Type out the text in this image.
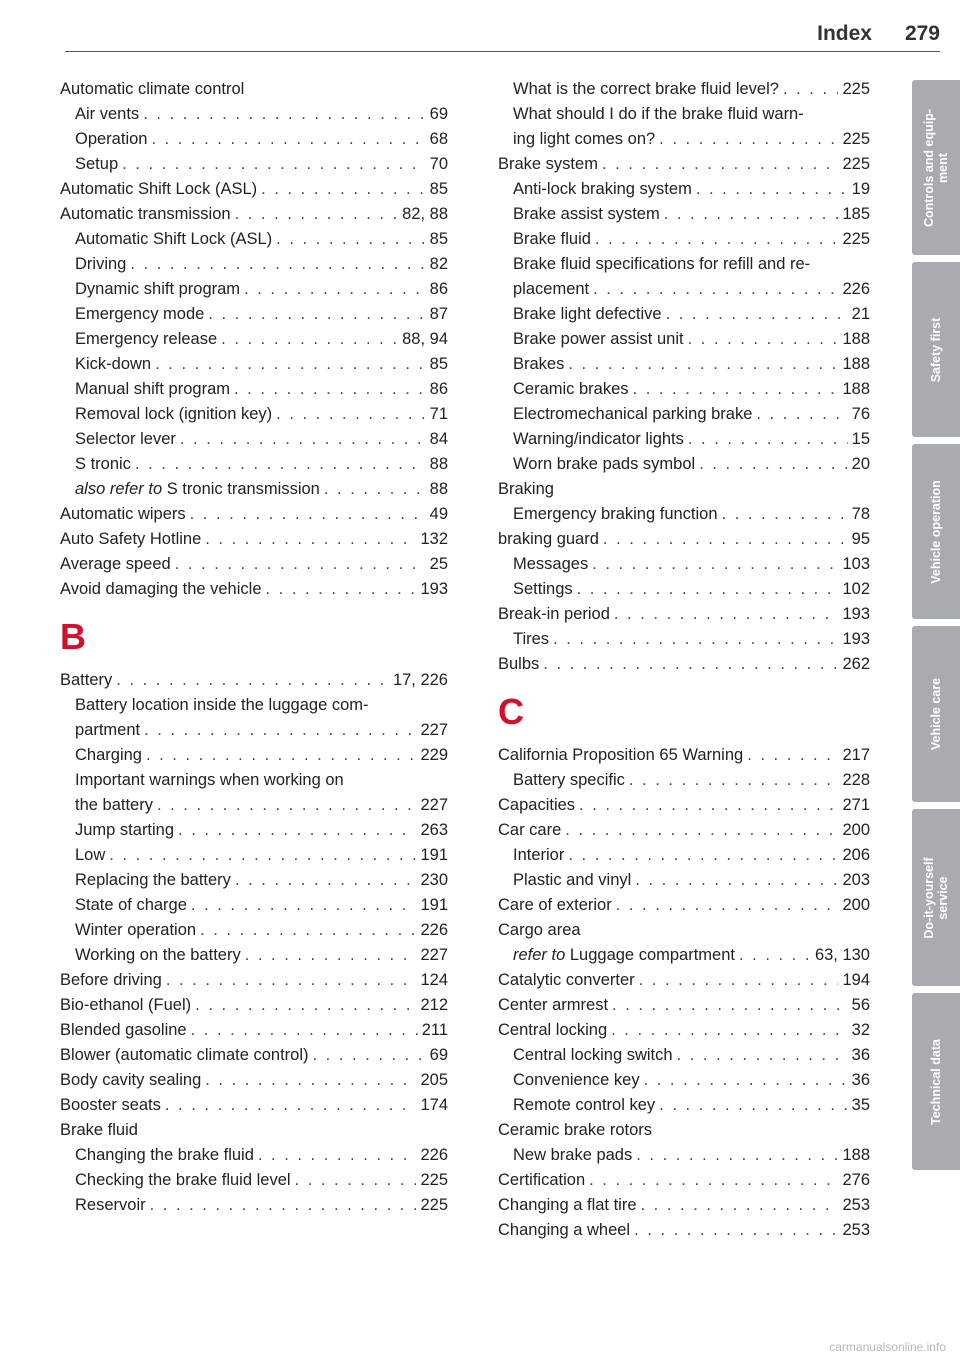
Index 279
Automatic climate control
Air vents . . .	69
Operation . . .	68
Setup . . .	70
Automatic Shift Lock (ASL) . . .	85
Automatic transmission . . .	82, 88
Automatic Shift Lock (ASL) . . .	85
Driving . . .	82
Dynamic shift program . . .	86
Emergency mode . . .	87
Emergency release . . .	88, 94
Kick-down . . .	85
Manual shift program . . .	86
Removal lock (ignition key) . . .	71
Selector lever . . .	84
S tronic . . .	88
also refer to S tronic transmission . . .	88
Automatic wipers . . .	49
Auto Safety Hotline . . .	132
Average speed . . .	25
Avoid damaging the vehicle . . .	193
B
Battery . . .	17, 226
Battery location inside the luggage com-
partment . . .	227
Charging . . .	229
Important warnings when working on
the battery . . .	227
Jump starting . . .	263
Low . . .	191
Replacing the battery . . .	230
State of charge . . .	191
Winter operation . . .	226
Working on the battery . . .	227
Before driving . . .	124
Bio-ethanol (Fuel) . . .	212
Blended gasoline . . .	211
Blower (automatic climate control) . . .	69
Body cavity sealing . . .	205
Booster seats . . .	174
Brake fluid
Changing the brake fluid . . .	226
Checking the brake fluid level . . .	225
Reservoir . . .	225
What is the correct brake fluid level? . . .	225
What should I do if the brake fluid warn-
ing light comes on? . . .	225
Brake system . . .	225
Anti-lock braking system . . .	19
Brake assist system . . .	185
Brake fluid . . .	225
Brake fluid specifications for refill and re-
placement . . .	226
Brake light defective . . .	21
Brake power assist unit . . .	188
Brakes . . .	188
Ceramic brakes . . .	188
Electromechanical parking brake . . .	76
Warning/indicator lights . . .	15
Worn brake pads symbol . . .	20
Braking
Emergency braking function . . .	78
braking guard . . .	95
Messages . . .	103
Settings . . .	102
Break-in period . . .	193
Tires . . .	193
Bulbs . . .	262
C
California Proposition 65 Warning . . .	217
Battery specific . . .	228
Capacities . . .	271
Car care . . .	200
Interior . . .	206
Plastic and vinyl . . .	203
Care of exterior . . .	200
Cargo area
refer to Luggage compartment . . .	63, 130
Catalytic converter . . .	194
Center armrest . . .	56
Central locking . . .	32
Central locking switch . . .	36
Convenience key . . .	36
Remote control key . . .	35
Ceramic brake rotors
New brake pads . . .	188
Certification . . .	276
Changing a flat tire . . .	253
Changing a wheel . . .	253
Controls and equip-
ment
Safety first
Vehicle operation
Vehicle care
Do-it-yourself
service
Technical data
carmanualsonline.info
